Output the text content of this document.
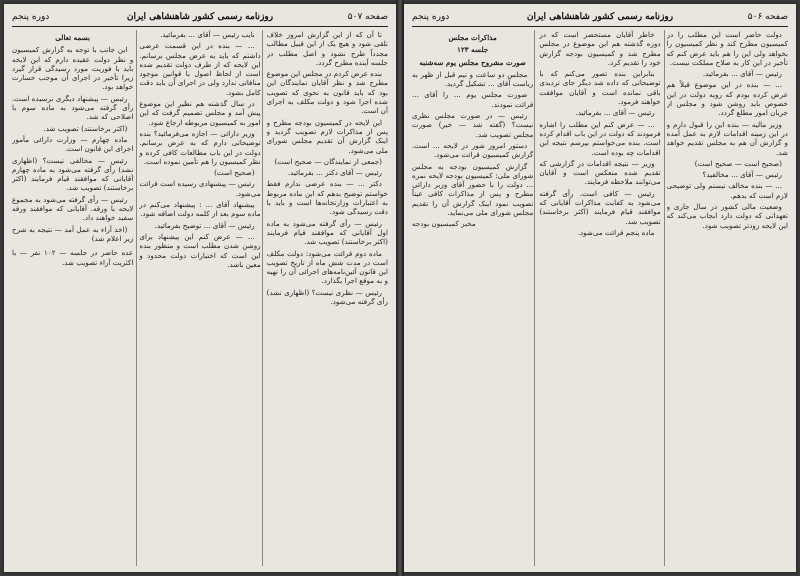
صفحه ۵۰۷
روزنامه رسمی کشور شاهنشاهی ایران
دوره پنجم

تا آن که از این گزارش امروز خلاف تلقی شود و هیچ یک از این قبیل مطالب مجدداً طرح نشود و اصل مطلب در جلسه آینده مطرح گردد.

بنده عرض کردم در مجلس این موضوع مطرح شد و نظر آقایان نمایندگان این بود که باید قانون به نحوی که تصویب شده اجرا شود و دولت مکلف به اجرای آن است.

این لایحه در کمیسیون بودجه مطرح و پس از مذاکرات لازم تصویب گردید و اینک گزارش آن تقدیم مجلس شورای ملی می‌شود.

(جمعی از نمایندگان — صحیح است)

رئیس — آقای دکتر ... بفرمائید.

دکتر ... — بنده عرضی ندارم فقط خواستم توضیح بدهم که این ماده مربوط به اعتبارات وزارتخانه‌ها است و باید با دقت رسیدگی شود.

رئیس — رأی گرفته می‌شود به ماده اول آقایانی که موافقند قیام فرمایند (اکثر برخاستند) تصویب شد.

ماده دوم قرائت می‌شود: دولت مکلف است در مدت شش ماه از تاریخ تصویب این قانون آئین‌نامه‌های اجرائی آن را تهیه و به موقع اجرا بگذارد.

رئیس — نظری نیست؟ (اظهاری نشد) رأی گرفته می‌شود.

نایب رئیس — آقای ... بفرمائید.

... — بنده در این قسمت عرضی داشتم که باید به عرض مجلس برسانم. این لایحه که از طرف دولت تقدیم شده است از لحاظ اصول با قوانین موجود منافاتی ندارد ولی در اجرای آن باید دقت کامل بشود.

در سال گذشته هم نظیر این موضوع پیش آمد و مجلس تصمیم گرفت که این امور به کمیسیون مربوطه ارجاع شود.

وزیر دارائی — اجازه می‌فرمائید؟ بنده توضیحاتی دارم که به عرض برسانم. دولت در این باب مطالعات کافی کرده و نظر کمیسیون را هم تأمین نموده است.

(صحیح است)

رئیس — پیشنهادی رسیده است قرائت می‌شود.

پیشنهاد آقای ... : پیشنهاد می‌کنم در ماده سوم بعد از کلمه دولت اضافه شود.

رئیس — آقای ... توضیح بفرمائید.

... — عرض کنم این پیشنهاد برای روشن شدن مطلب است و منظور بنده این است که اختیارات دولت محدود و معین باشد.

بسمه تعالی

این جانب با توجه به گزارش کمیسیون و نظر دولت عقیده دارم که این لایحه باید با فوریت مورد رسیدگی قرار گیرد زیرا تأخیر در اجرای آن موجب خسارت خواهد بود.

رئیس — پیشنهاد دیگری نرسیده است. رأی گرفته می‌شود به ماده سوم با اصلاحی که شد.

(اکثر برخاستند) تصویب شد.

ماده چهارم — وزارت دارائی مأمور اجرای این قانون است.

رئیس — مخالفی نیست؟ (اظهاری نشد) رأی گرفته می‌شود به ماده چهارم آقایانی که موافقند قیام فرمایند (اکثر برخاستند) تصویب شد.

رئیس — رأی گرفته می‌شود به مجموع لایحه با ورقه. آقایانی که موافقند ورقه سفید خواهند داد.

(اخذ آراء به عمل آمد — نتیجه به شرح زیر اعلام شد)

عده حاضر در جلسه — ۱۰۲ نفر — با اکثریت آراء تصویب شد.

صفحه ۵۰۶
روزنامه رسمی کشور شاهنشاهی ایران
دوره پنجم

دولت حاضر است این مطلب را در کمیسیون مطرح کند و نظر کمیسیون را بخواهد ولی این را هم باید عرض کنم که تأخیر در این کار به صلاح مملکت نیست.

رئیس — آقای ... بفرمائید.

... — بنده در این موضوع قبلاً هم عرض کرده بودم که رویه دولت در این خصوص باید روشن شود و مجلس از جریان امور مطلع گردد.

وزیر مالیه — بنده این را قبول دارم و در این زمینه اقدامات لازم به عمل آمده و گزارش آن هم به مجلس تقدیم خواهد شد.

(صحیح است — صحیح است)

رئیس — آقای ... مخالفید؟

... — بنده مخالف نیستم ولی توضیحی لازم است که بدهم.

وضعیت مالی کشور در سال جاری و تعهداتی که دولت دارد ایجاب می‌کند که این لایحه زودتر تصویب شود.

خاطر آقایان مستحضر است که در دوره گذشته هم این موضوع در مجلس مطرح شد و کمیسیون بودجه گزارش خود را تقدیم کرد.

بنابراین بنده تصور می‌کنم که با توضیحاتی که داده شد دیگر جای تردیدی باقی نمانده است و آقایان موافقت خواهند فرمود.

رئیس — آقای ... بفرمائید.

... — عرض کنم این مطلب را اشاره فرمودند که دولت در این باب اقدام کرده است. بنده می‌خواستم بپرسم نتیجه این اقدامات چه بوده است.

وزیر — نتیجه اقدامات در گزارشی که تقدیم شده منعکس است و آقایان می‌توانند ملاحظه فرمایند.

رئیس — کافی است. رأی گرفته می‌شود به کفایت مذاکرات آقایانی که موافقند قیام فرمایند (اکثر برخاستند) تصویب شد.

ماده پنجم قرائت می‌شود.

مذاکرات مجلس

جلسه ۱۲۳

صورت مشروح مجلس یوم سه‌شنبه

مجلس دو ساعت و نیم قبل از ظهر به ریاست آقای ... تشکیل گردید.

صورت مجلس یوم ... را آقای ... قرائت نمودند.

رئیس — در صورت مجلس نظری نیست؟ (گفته شد — خیر) صورت مجلس تصویب شد.

دستور امروز شور در لایحه ... است. گزارش کمیسیون قرائت می‌شود.

گزارش کمیسیون بودجه به مجلس شورای ملی: کمیسیون بودجه لایحه نمره ... دولت را با حضور آقای وزیر دارائی مطرح و پس از مذاکرات کافی عیناً تصویب نمود اینک گزارش آن را تقدیم مجلس شورای ملی می‌نماید.

مخبر کمیسیون بودجه
